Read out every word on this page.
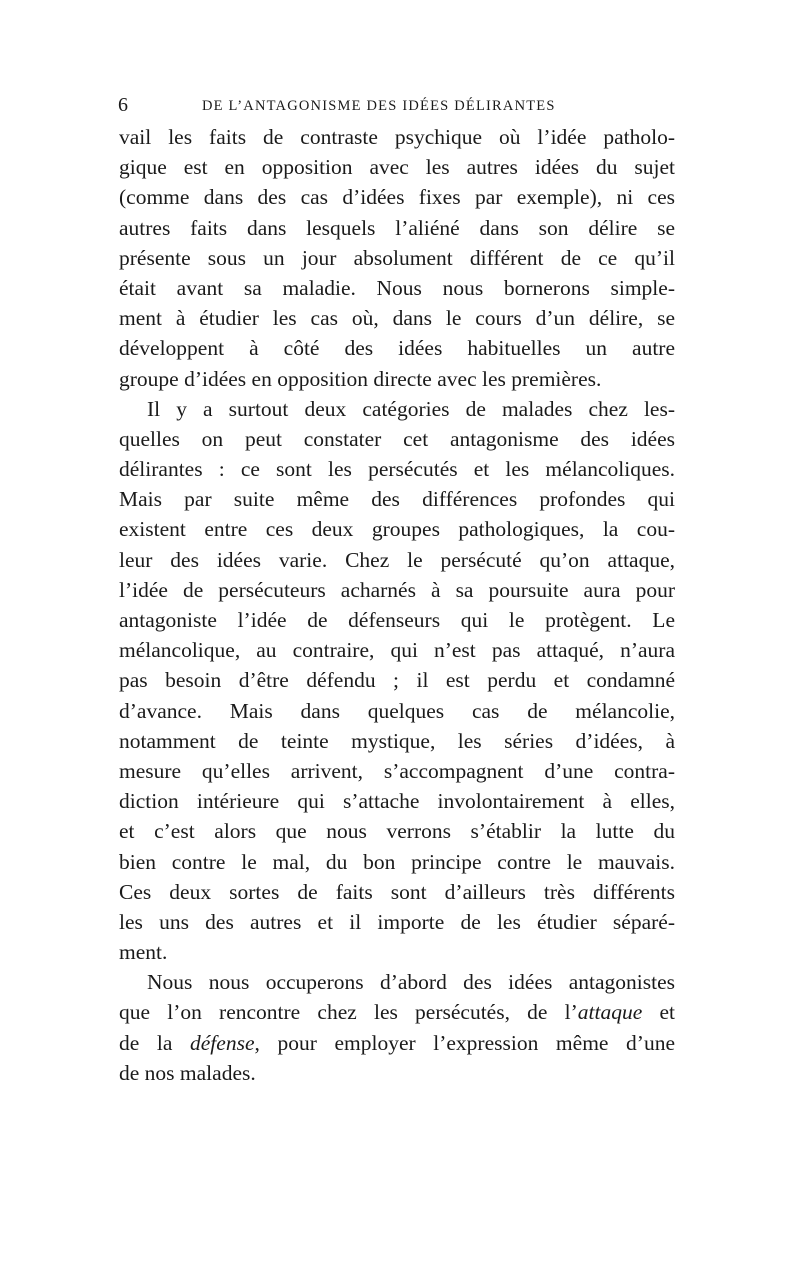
6	DE L’ANTAGONISME DES IDÉES DÉLIRANTES
vail les faits de contraste psychique où l’idée patholo-
gique est en opposition avec les autres idées du sujet
(comme dans des cas d’idées fixes par exemple), ni ces
autres faits dans lesquels l’aliéné dans son délire se
présente sous un jour absolument différent de ce qu’il
était avant sa maladie. Nous nous bornerons simple-
ment à étudier les cas où, dans le cours d’un délire, se
développent à côté des idées habituelles un autre
groupe d’idées en opposition directe avec les premières.
Il y a surtout deux catégories de malades chez les-
quelles on peut constater cet antagonisme des idées
délirantes : ce sont les persécutés et les mélancoliques.
Mais par suite même des différences profondes qui
existent entre ces deux groupes pathologiques, la cou-
leur des idées varie. Chez le persécuté qu’on attaque,
l’idée de persécuteurs acharnés à sa poursuite aura pour
antagoniste l’idée de défenseurs qui le protègent. Le
mélancolique, au contraire, qui n’est pas attaqué, n’aura
pas besoin d’être défendu ; il est perdu et condamné
d’avance. Mais dans quelques cas de mélancolie,
notamment de teinte mystique, les séries d’idées, à
mesure qu’elles arrivent, s’accompagnent d’une contra-
diction intérieure qui s’attache involontairement à elles,
et c’est alors que nous verrons s’établir la lutte du
bien contre le mal, du bon principe contre le mauvais.
Ces deux sortes de faits sont d’ailleurs très différents
les uns des autres et il importe de les étudier séparé-
ment.
Nous nous occuperons d’abord des idées antagonistes
que l’on rencontre chez les persécutés, de l’attaque et
de la défense, pour employer l’expression même d’une
de nos malades.
